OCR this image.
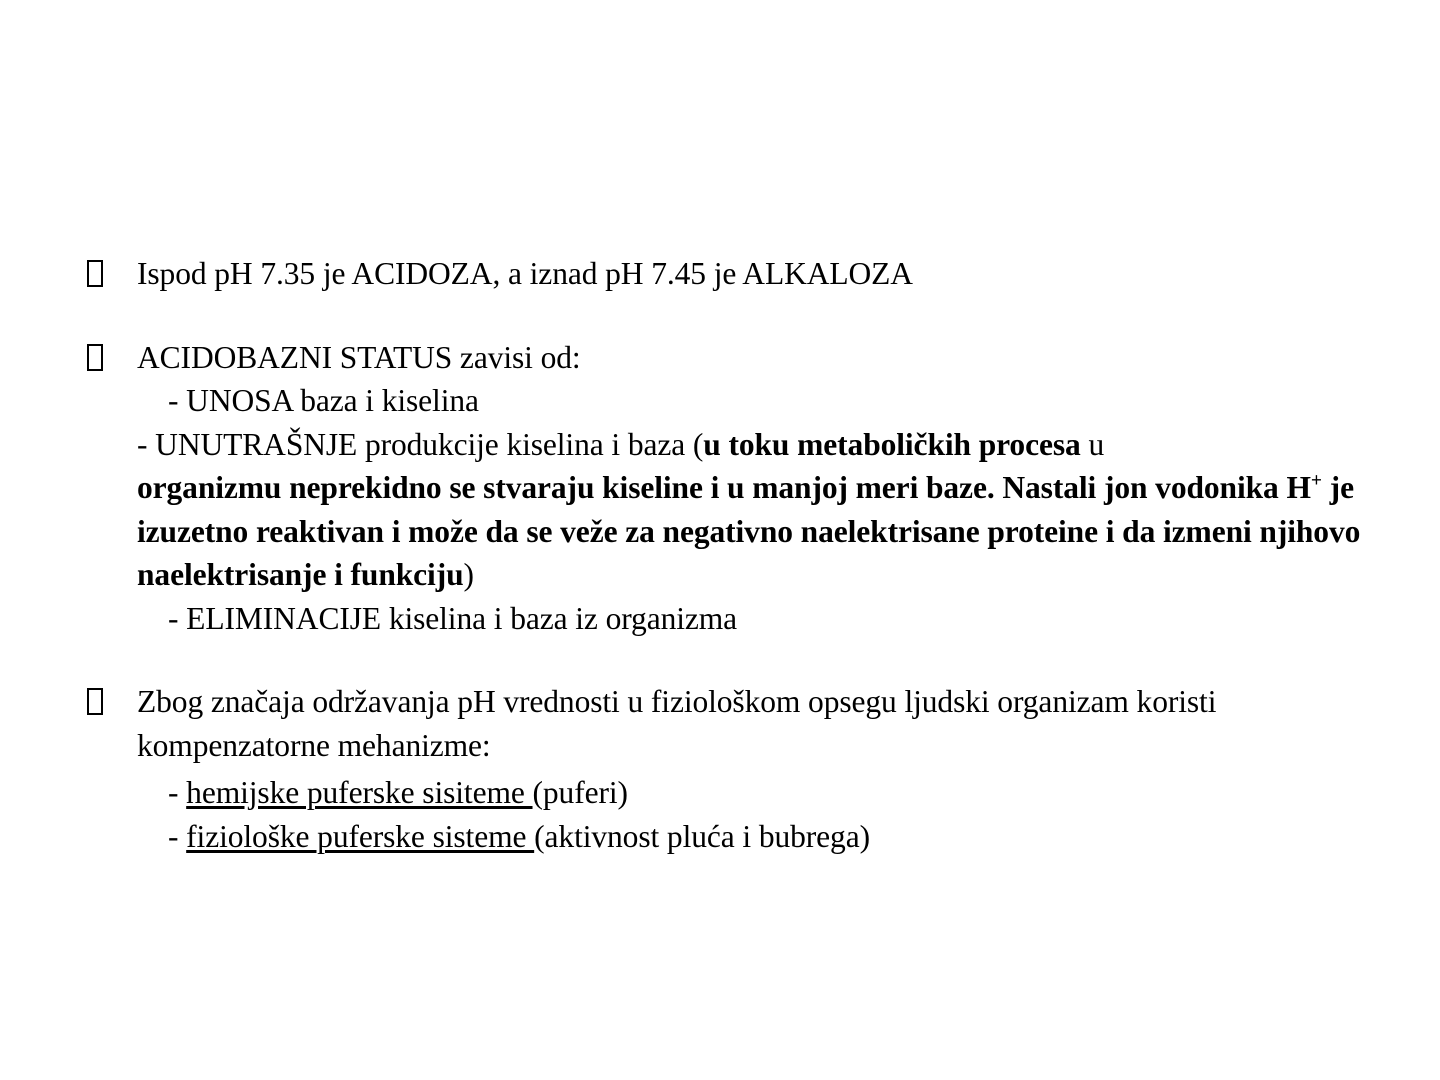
Ispod pH 7.35 je ACIDOZA, a iznad pH 7.45 je ALKALOZA
ACIDOBAZNI STATUS zavisi od:
- UNOSA baza i kiselina
- UNUTRAŠNJE produkcije kiselina i baza (u toku metaboličkih procesa u
organizmu neprekidno se stvaraju kiseline i u manjoj meri baze. Nastali jon vodonika H+ je izuzetno reaktivan i može da se veže za negativno naelektrisane proteine i da izmeni njihovo naelektrisanje i funkciju)
- ELIMINACIJE kiselina i baza iz organizma
Zbog značaja održavanja pH vrednosti u fiziološkom opsegu ljudski organizam koristi kompenzatorne mehanizme:
- hemijske puferske sisiteme (puferi)
- fiziološke puferske sisteme (aktivnost pluća i bubrega)
